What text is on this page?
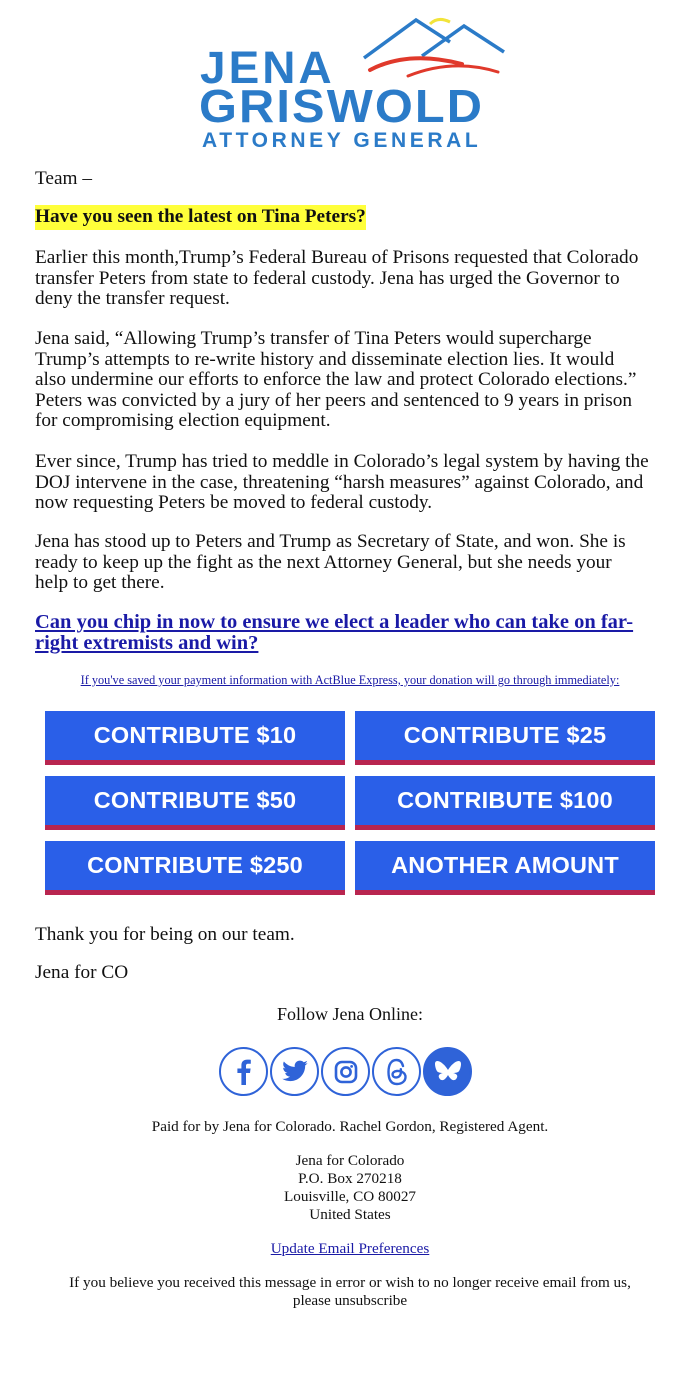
JENA
GRISWOLD
ATTORNEY GENERAL
Team –
Have you seen the latest on Tina Peters?
Earlier this month,Trump’s Federal Bureau of Prisons requested that Colorado
transfer Peters from state to federal custody. Jena has urged the Governor to
deny the transfer request.
Jena said, “Allowing Trump’s transfer of Tina Peters would supercharge
Trump’s attempts to re-write history and disseminate election lies. It would
also undermine our efforts to enforce the law and protect Colorado elections.”
Peters was convicted by a jury of her peers and sentenced to 9 years in prison
for compromising election equipment.
Ever since, Trump has tried to meddle in Colorado’s legal system by having the
DOJ intervene in the case, threatening “harsh measures” against Colorado, and
now requesting Peters be moved to federal custody.
Jena has stood up to Peters and Trump as Secretary of State, and won. She is
ready to keep up the fight as the next Attorney General, but she needs your
help to get there.
Can you chip in now to ensure we elect a leader who can take on far-
right extremists and win?
If you've saved your payment information with ActBlue Express, your donation will go through immediately:
CONTRIBUTE $10	CONTRIBUTE $25
CONTRIBUTE $50	CONTRIBUTE $100
CONTRIBUTE $250	ANOTHER AMOUNT
Thank you for being on our team.
Jena for CO
Follow Jena Online:
Paid for by Jena for Colorado. Rachel Gordon, Registered Agent.
Jena for Colorado
P.O. Box 270218
Louisville, CO 80027
United States
Update Email Preferences
If you believe you received this message in error or wish to no longer receive email from us,
please unsubscribe
